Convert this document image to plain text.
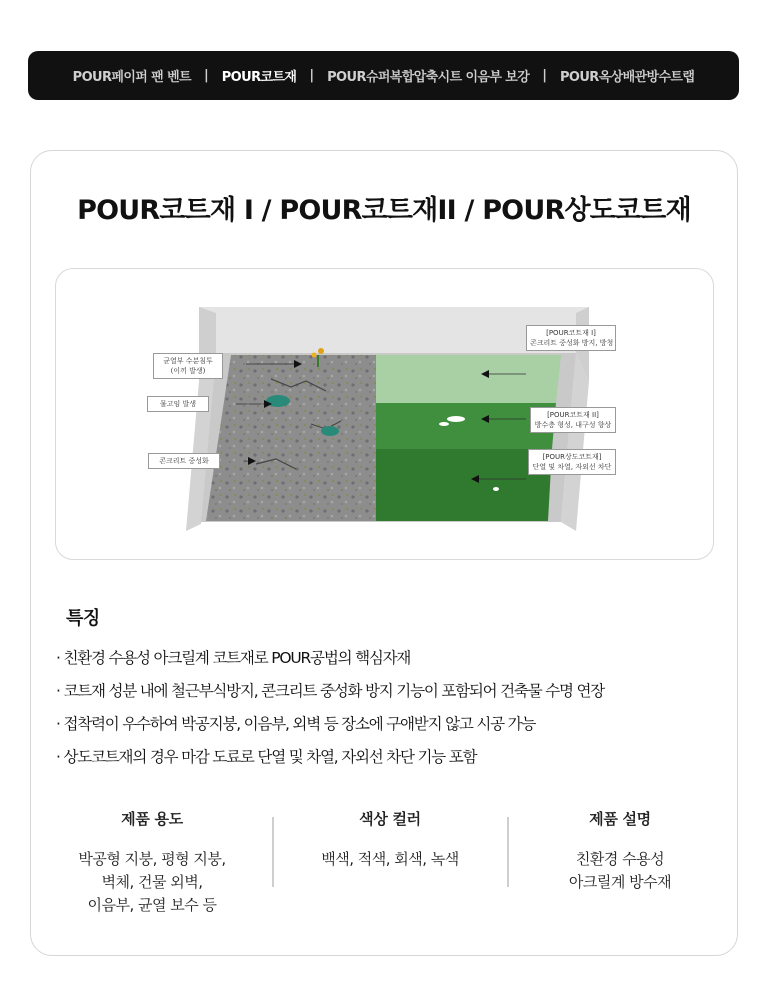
POUR페이퍼 팬 벤트 | POUR코트재 | POUR슈퍼복합압축시트 이음부 보강 | POUR옥상배관방수트랩
POUR코트재 I / POUR코트재II / POUR상도코트재
균열부 수분침투
(이끼 발생)
물고임 발생
콘크리트 중성화
[POUR코트재 I]
콘크리트 중성화 방지, 방청
[POUR코트재 II]
방수층 형성, 내구성 향상
[POUR상도코트재]
단열 및 차열, 자외선 차단
특징
· 친환경 수용성 아크릴계 코트재로 POUR공법의 핵심자재
· 코트재 성분 내에 철근부식방지, 콘크리트 중성화 방지 기능이 포함되어 건축물 수명 연장
· 접착력이 우수하여 박공지붕, 이음부, 외벽 등 장소에 구애받지 않고 시공 가능
· 상도코트재의 경우 마감 도료로 단열 및 차열, 자외선 차단 기능 포함
제품 용도
박공형 지붕, 평형 지붕,
벽체, 건물 외벽,
이음부, 균열 보수 등
색상 컬러
백색, 적색, 회색, 녹색
제품 설명
친환경 수용성
아크릴계 방수재
